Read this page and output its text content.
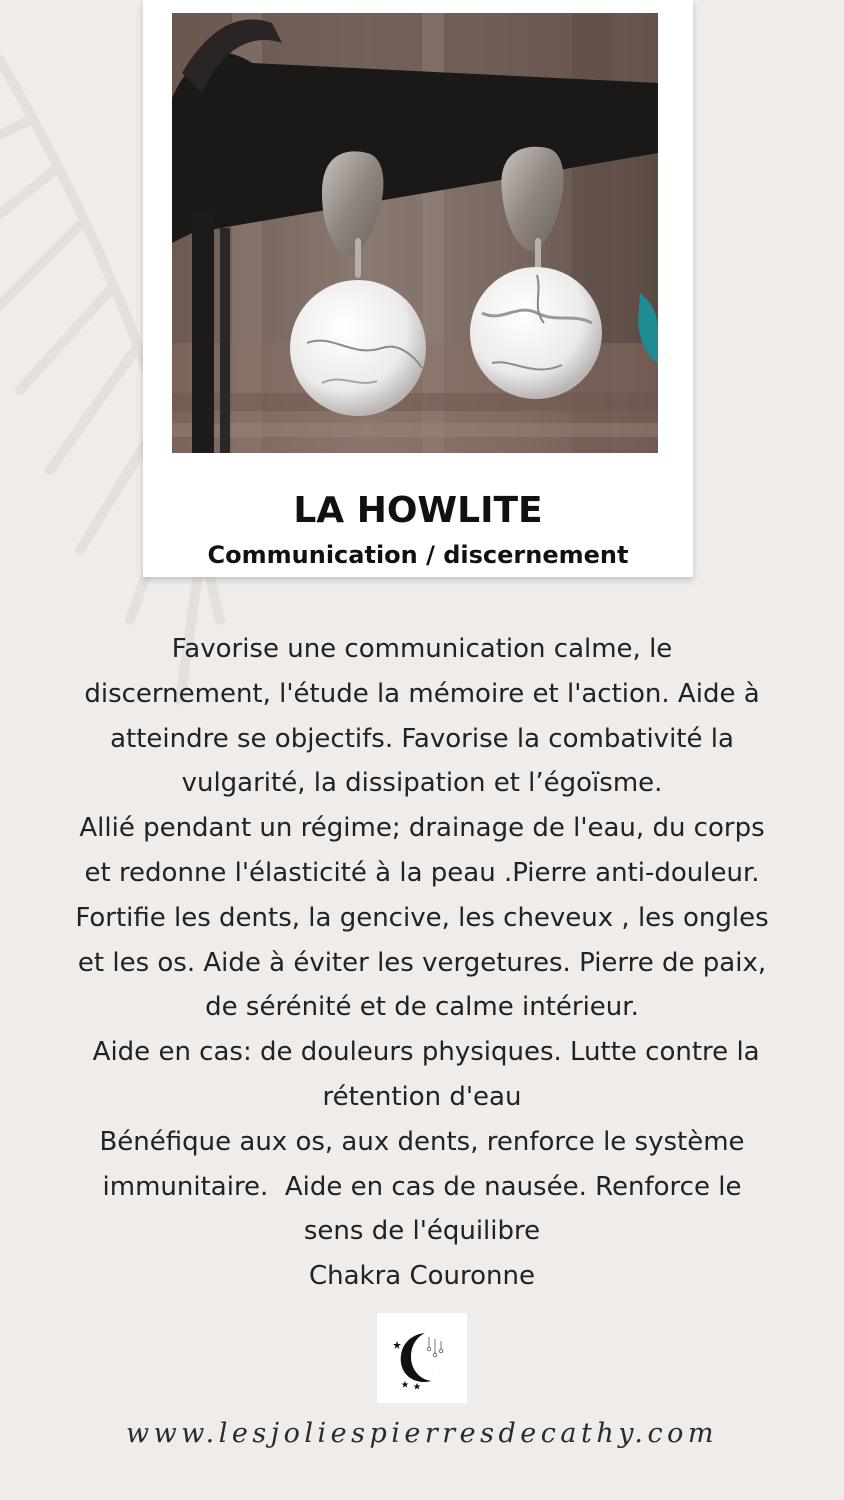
LA HOWLITE
Communication / discernement
Favorise une communication calme, le
discernement, l'étude la mémoire et l'action. Aide à
atteindre se objectifs. Favorise la combativité la
vulgarité, la dissipation et l’égoïsme.
Allié pendant un régime; drainage de l'eau, du corps
et redonne l'élasticité à la peau .Pierre anti-douleur.
Fortifie les dents, la gencive, les cheveux , les ongles
et les os. Aide à éviter les vergetures. Pierre de paix,
de sérénité et de calme intérieur.
Aide en cas: de douleurs physiques. Lutte contre la
rétention d'eau
Bénéfique aux os, aux dents, renforce le système
immunitaire.  Aide en cas de nausée. Renforce le
sens de l'équilibre
Chakra Couronne
·
www.lesjoliespierresdecathy.com
